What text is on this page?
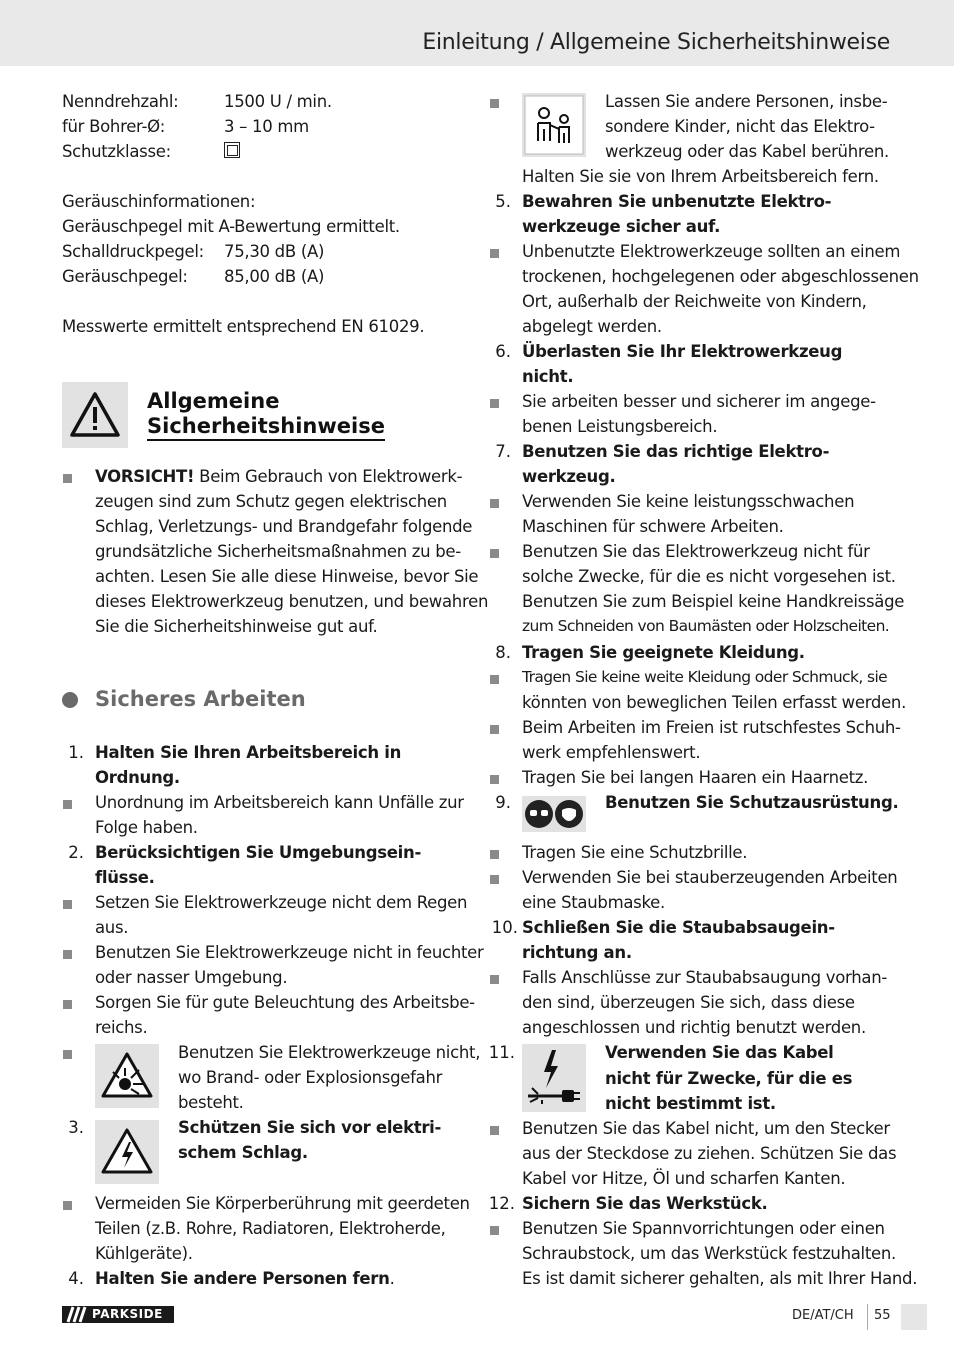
Einleitung / Allgemeine Sicherheitshinweise
Nenndrehzahl:	1500 U / min.
für Bohrer-Ø:	3 – 10 mm
Schutzklasse:
Geräuschinformationen:
Geräuschpegel mit A-Bewertung ermittelt.
Schalldruckpegel: 75,30 dB (A)
Geräuschpegel: 85,00 dB (A)
Messwerte ermittelt entsprechend EN 61029.
Allgemeine
Sicherheitshinweise
VORSICHT! Beim Gebrauch von Elektrowerk-
zeugen sind zum Schutz gegen elektrischen
Schlag, Verletzungs- und Brandgefahr folgende
grundsätzliche Sicherheitsmaßnahmen zu be-
achten. Lesen Sie alle diese Hinweise, bevor Sie
dieses Elektrowerkzeug benutzen, und bewahren
Sie die Sicherheitshinweise gut auf.
Sicheres Arbeiten
1. Halten Sie Ihren Arbeitsbereich in
Ordnung.
Unordnung im Arbeitsbereich kann Unfälle zur
Folge haben.
2. Berücksichtigen Sie Umgebungsein-
flüsse.
Setzen Sie Elektrowerkzeuge nicht dem Regen
aus.
Benutzen Sie Elektrowerkzeuge nicht in feuchter
oder nasser Umgebung.
Sorgen Sie für gute Beleuchtung des Arbeitsbe-
reichs.
Benutzen Sie Elektrowerkzeuge nicht,
wo Brand- oder Explosionsgefahr
besteht.
3.	Schützen Sie sich vor elektri-
schem Schlag.
Vermeiden Sie Körperberührung mit geerdeten
Teilen (z.B. Rohre, Radiatoren, Elektroherde,
Kühlgeräte).
4. Halten Sie andere Personen fern.
Lassen Sie andere Personen, insbe-
sondere Kinder, nicht das Elektro-
werkzeug oder das Kabel berühren.
Halten Sie sie von Ihrem Arbeitsbereich fern.
5. Bewahren Sie unbenutzte Elektro-
werkzeuge sicher auf.
Unbenutzte Elektrowerkzeuge sollten an einem
trockenen, hochgelegenen oder abgeschlossenen
Ort, außerhalb der Reichweite von Kindern,
abgelegt werden.
6. Überlasten Sie Ihr Elektrowerkzeug
nicht.
Sie arbeiten besser und sicherer im angege-
benen Leistungsbereich.
7. Benutzen Sie das richtige Elektro-
werkzeug.
Verwenden Sie keine leistungsschwachen
Maschinen für schwere Arbeiten.
Benutzen Sie das Elektrowerkzeug nicht für
solche Zwecke, für die es nicht vorgesehen ist.
Benutzen Sie zum Beispiel keine Handkreissäge
zum Schneiden von Baumästen oder Holzscheiten.
8. Tragen Sie geeignete Kleidung.
Tragen Sie keine weite Kleidung oder Schmuck, sie
könnten von beweglichen Teilen erfasst werden.
Beim Arbeiten im Freien ist rutschfestes Schuh-
werk empfehlenswert.
Tragen Sie bei langen Haaren ein Haarnetz.
9.	Benutzen Sie Schutzausrüstung.
Tragen Sie eine Schutzbrille.
Verwenden Sie bei stauberzeugenden Arbeiten
eine Staubmaske.
10. Schließen Sie die Staubabsaugein-
richtung an.
Falls Anschlüsse zur Staubabsaugung vorhan-
den sind, überzeugen Sie sich, dass diese
angeschlossen und richtig benutzt werden.
11.	Verwenden Sie das Kabel
nicht für Zwecke, für die es
nicht bestimmt ist.
Benutzen Sie das Kabel nicht, um den Stecker
aus der Steckdose zu ziehen. Schützen Sie das
Kabel vor Hitze, Öl und scharfen Kanten.
12. Sichern Sie das Werkstück.
Benutzen Sie Spannvorrichtungen oder einen
Schraubstock, um das Werkstück festzuhalten.
Es ist damit sicherer gehalten, als mit Ihrer Hand.
PARKSIDE	DE/AT/CH 55
